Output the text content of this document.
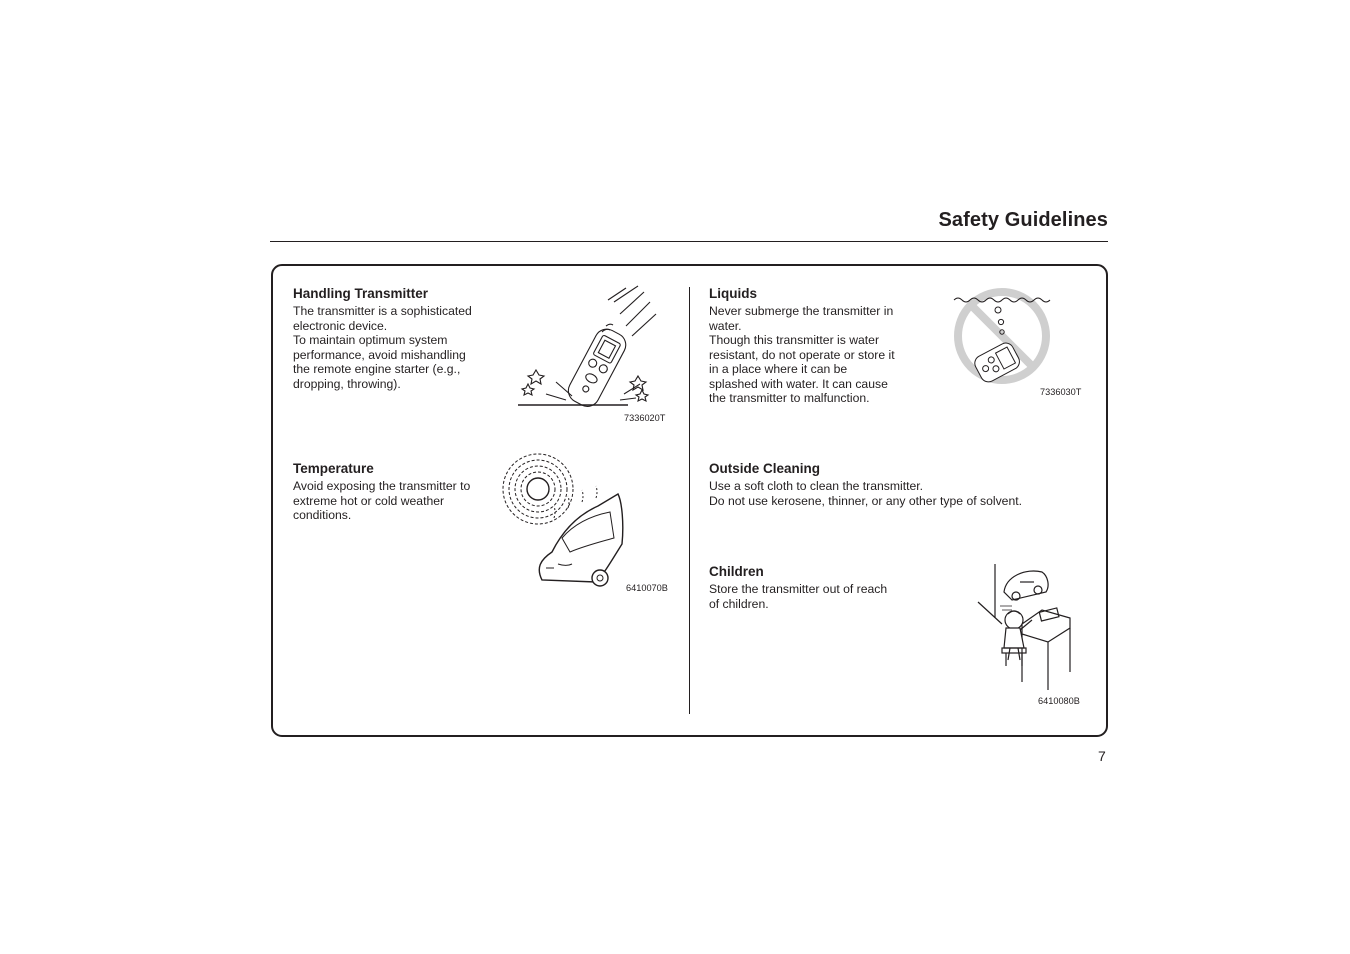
Safety Guidelines
Handling Transmitter
The transmitter is a sophisticated
electronic device.
To maintain optimum system
performance, avoid mishandling
the remote engine starter (e.g.,
dropping, throwing).
7336020T
Temperature
Avoid exposing the transmitter to
extreme hot or cold weather
conditions.
6410070B
Liquids
Never submerge the transmitter in
water.
Though this transmitter is water
resistant, do not operate or store it
in a place where it can be
splashed with water. It can cause
the transmitter to malfunction.	7336030T
Outside Cleaning
Use a soft cloth to clean the transmitter.
Do not use kerosene, thinner, or any other type of solvent.
Children
Store the transmitter out of reach
of children.
6410080B
7
